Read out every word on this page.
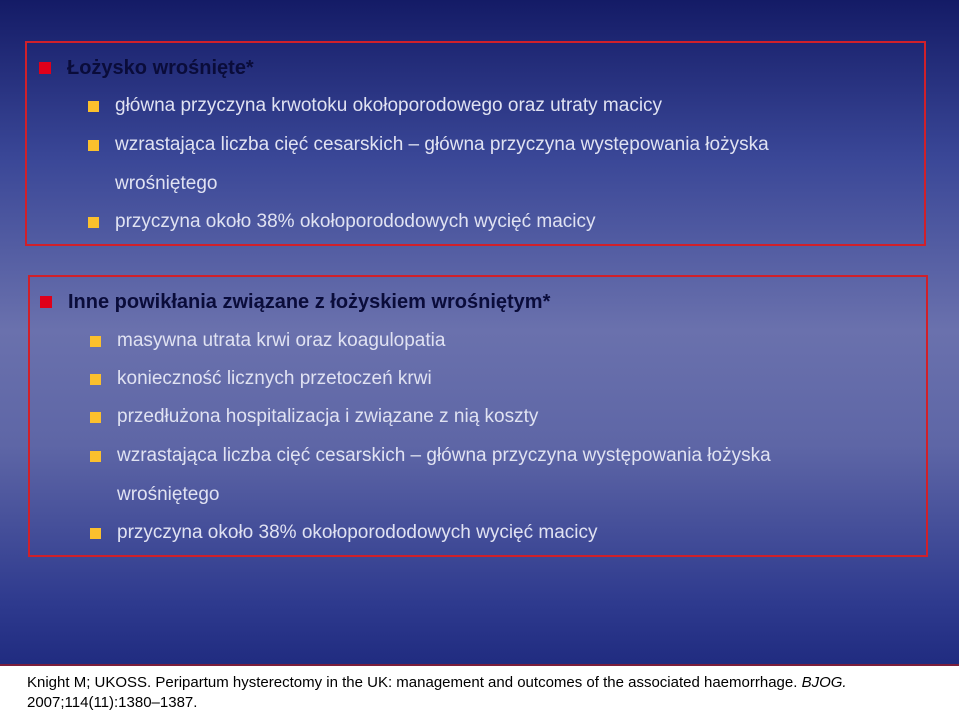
Łożysko wrośnięte*
główna przyczyna krwotoku okołoporodowego oraz utraty macicy
wzrastająca liczba cięć cesarskich – główna przyczyna występowania łożyska
wrośniętego
przyczyna około 38% okołoporododowych wycięć macicy
Inne powikłania związane z łożyskiem wrośniętym*
masywna utrata krwi oraz koagulopatia
konieczność licznych przetoczeń krwi
przedłużona hospitalizacja i związane z nią koszty
wzrastająca liczba cięć cesarskich – główna przyczyna występowania łożyska
wrośniętego
przyczyna około 38% okołoporododowych wycięć macicy
Knight M; UKOSS. Peripartum hysterectomy in the UK: management and outcomes of the associated haemorrhage. BJOG.
2007;114(11):1380–1387.
